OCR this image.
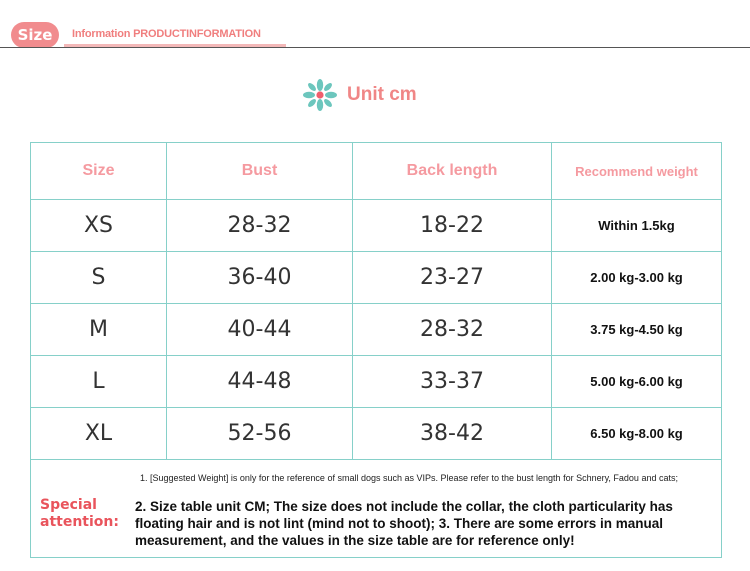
Size	Information PRODUCTINFORMATION
Unit cm
Size	Bust	Back length	Recommend weight
XS	28-32	18-22	Within 1.5kg
S	36-40	23-27	2.00 kg-3.00 kg
M	40-44	28-32	3.75 kg-4.50 kg
L	44-48	33-37	5.00 kg-6.00 kg
XL	52-56	38-42	6.50 kg-8.00 kg

Special attention:
1. [Suggested Weight] is only for the reference of small dogs such as VIPs. Please refer to the bust length for Schnery, Fadou and cats;
2. Size table unit CM; The size does not include the collar, the cloth particularity has floating hair and is not lint (mind not to shoot); 3. There are some errors in manual measurement, and the values in the size table are for reference only!			
